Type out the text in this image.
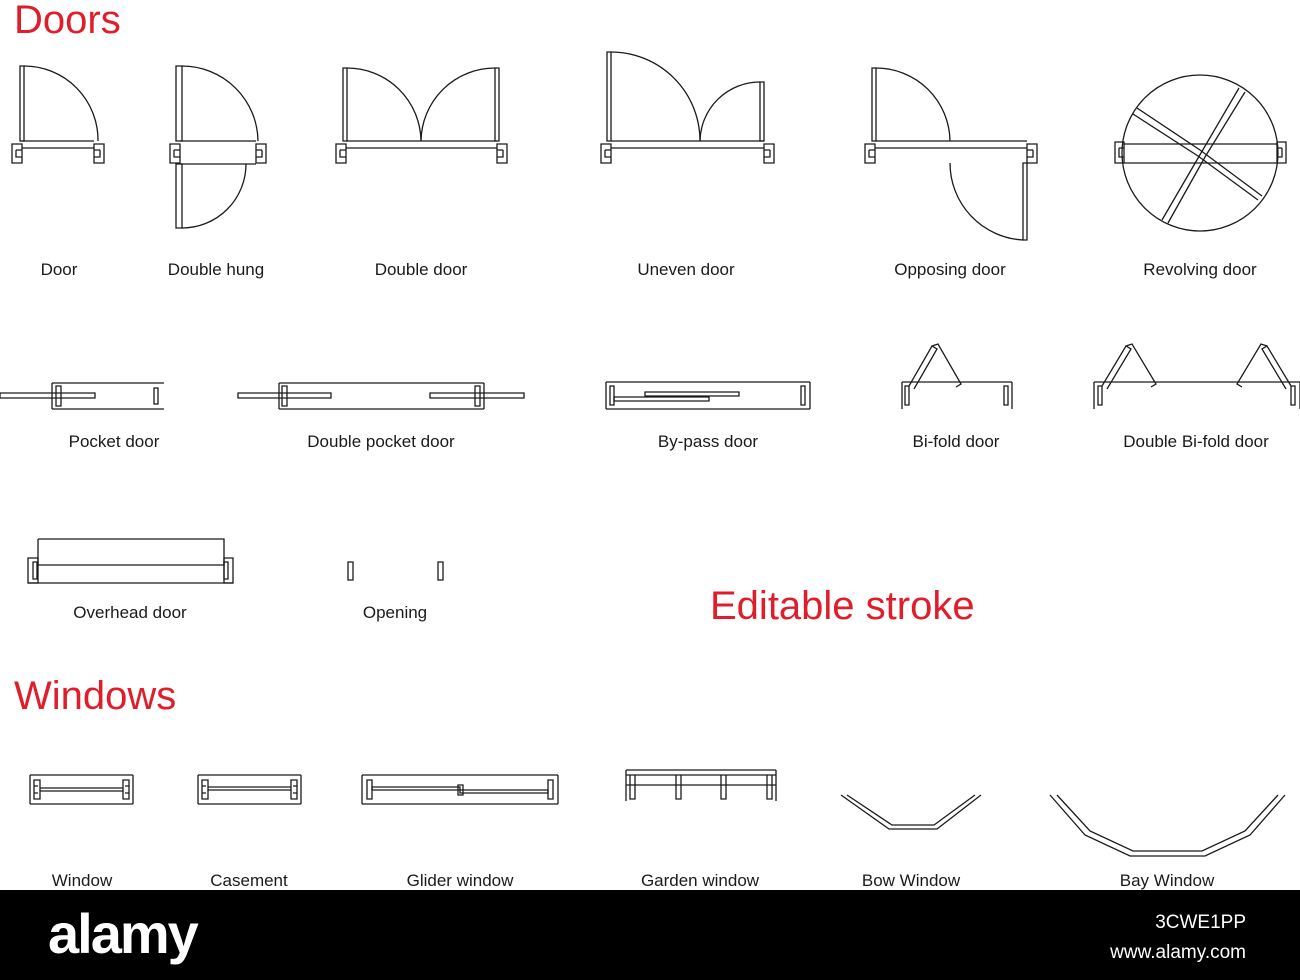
Doors
Windows
Editable stroke
Door	Double hung	Double door	Uneven door	Opposing door	Revolving door
Pocket door	Double pocket door	By-pass door	Bi-fold door	Double Bi-fold door
Overhead door	Opening
Window	Casement	Glider window	Garden window	Bow Window	Bay Window
alamy	3CWE1PP
www.alamy.com
